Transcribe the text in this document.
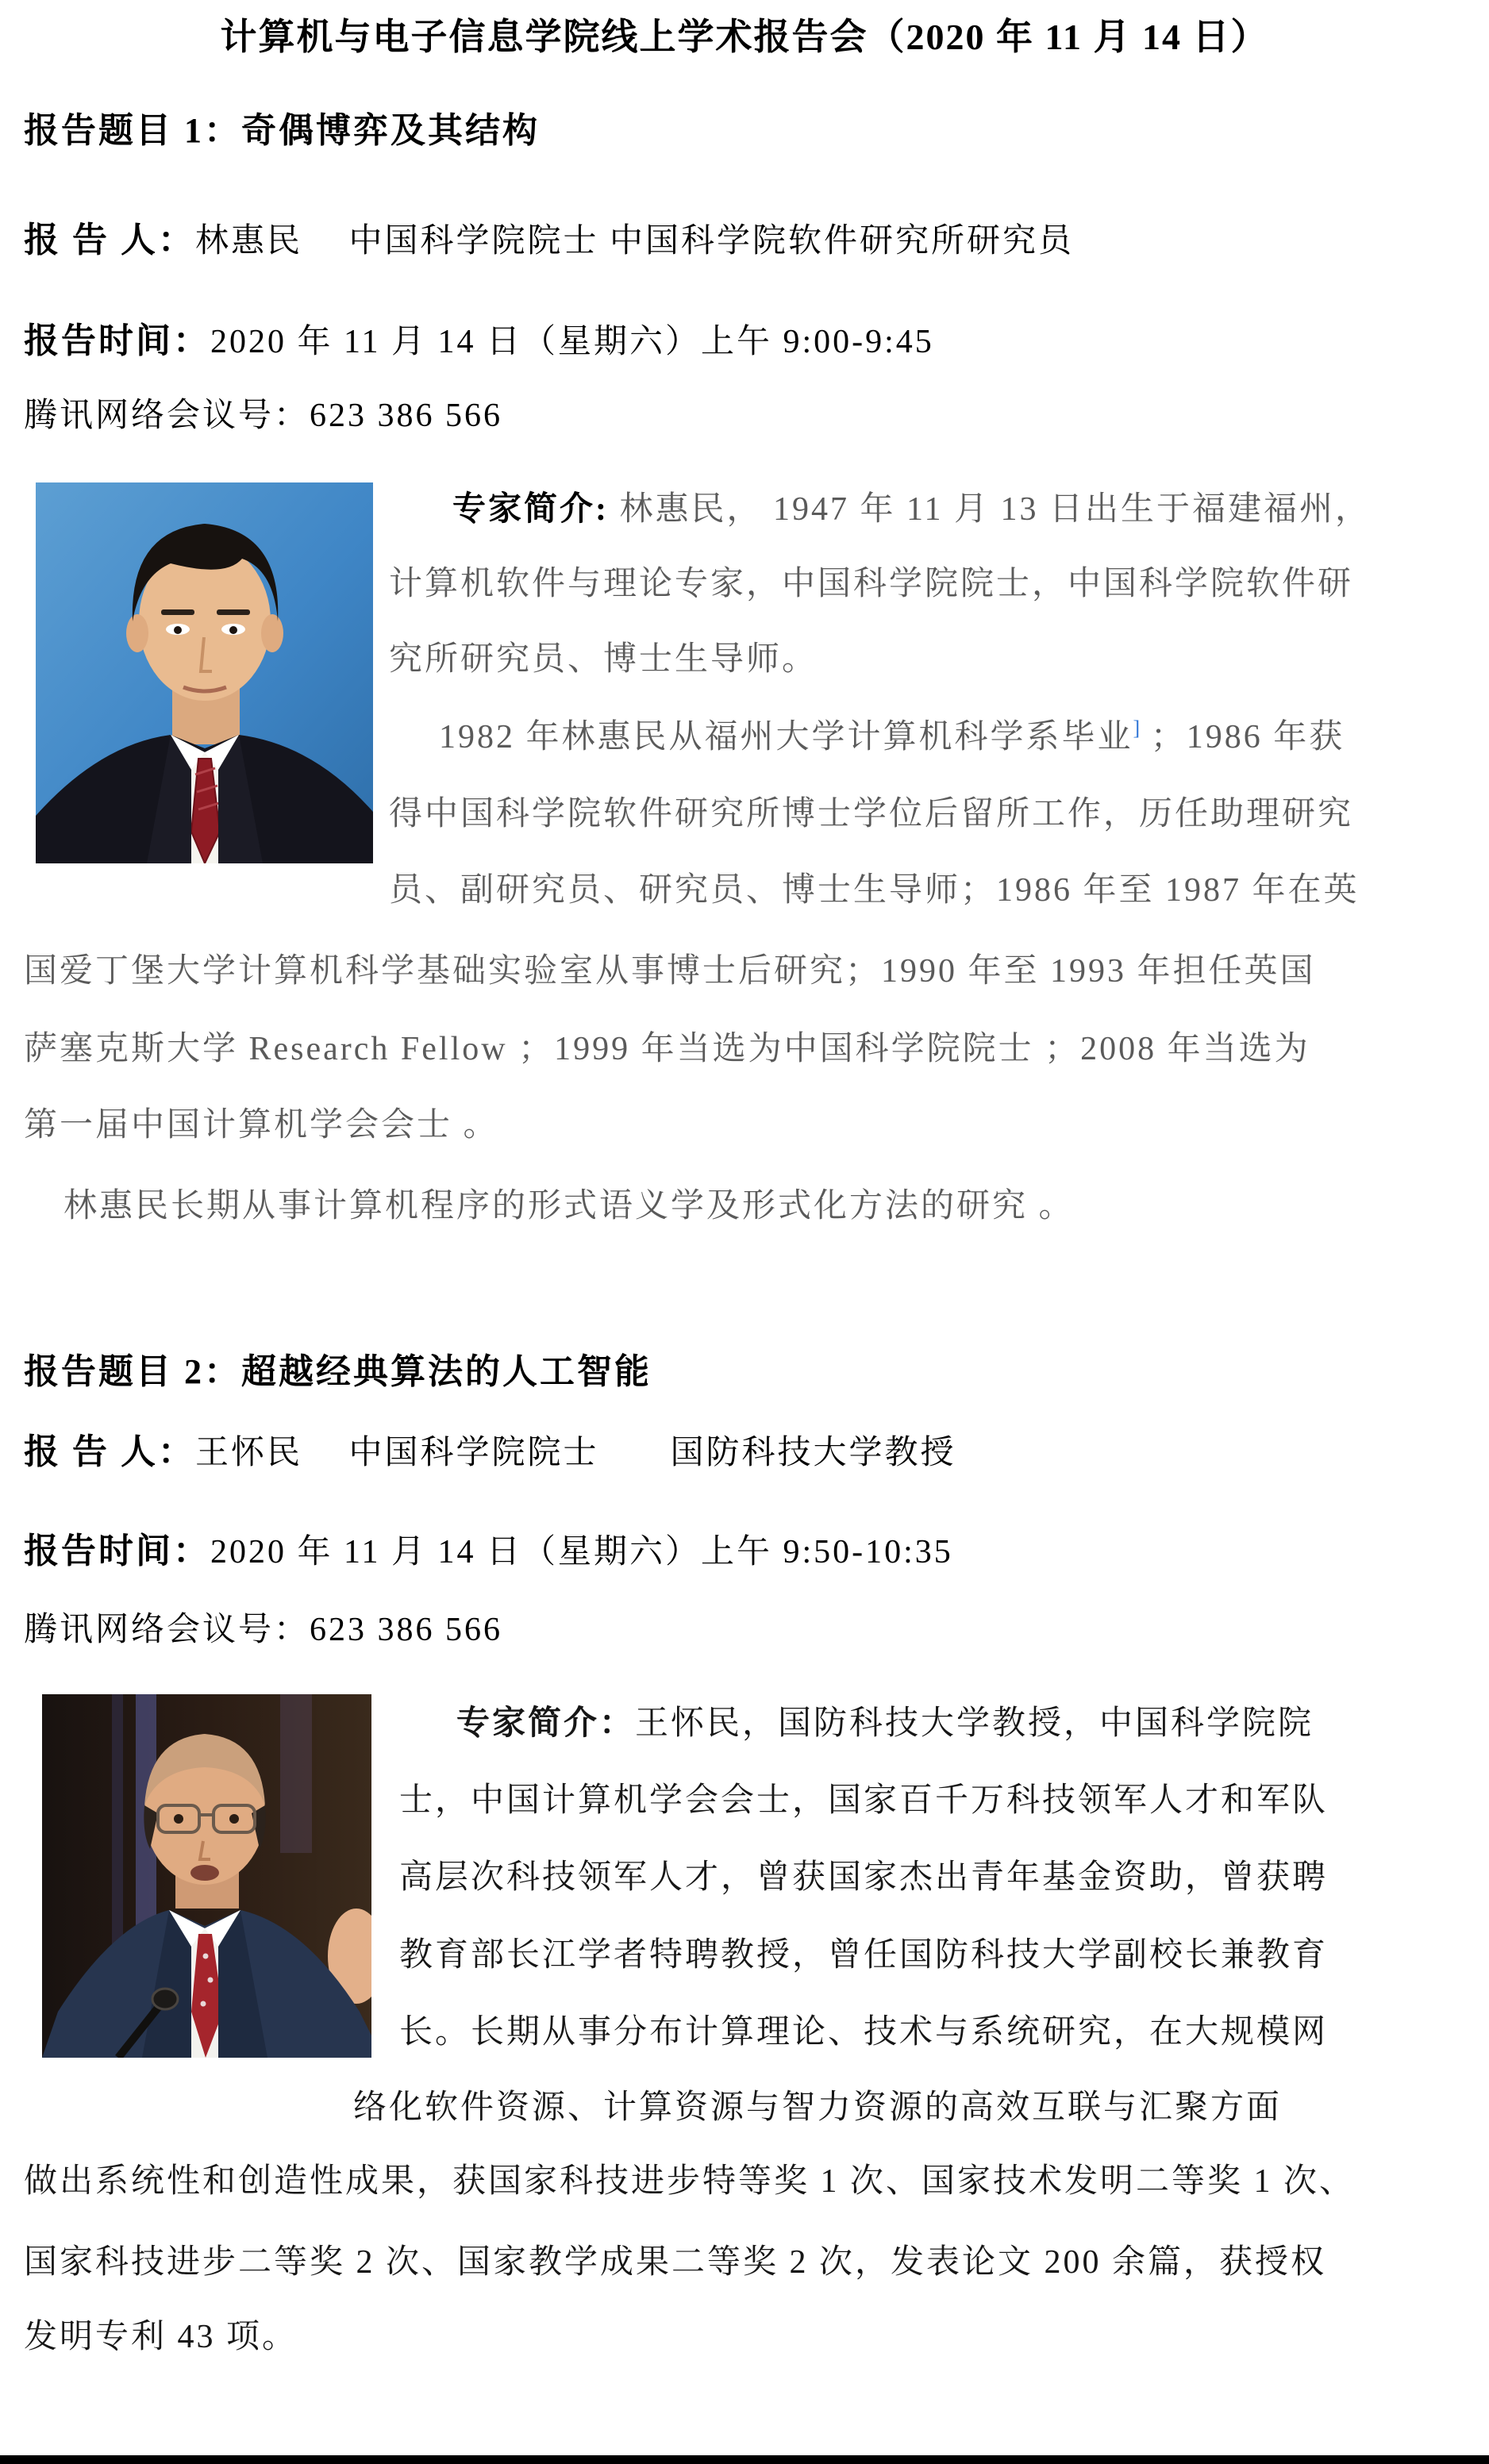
计算机与电子信息学院线上学术报告会（2020 年 11 月 14 日）
报告题目 1：奇偶博弈及其结构
报 告 人：林惠民　 中国科学院院士 中国科学院软件研究所研究员
报告时间：2020 年 11 月 14 日（星期六）上午 9:00-9:45
腾讯网络会议号：623 386 566
专家简介: 林惠民， 1947 年 11 月 13 日出生于福建福州，
计算机软件与理论专家，中国科学院院士，中国科学院软件研
究所研究员、博士生导师。
1982 年林惠民从福州大学计算机科学系毕业] ；1986 年获
得中国科学院软件研究所博士学位后留所工作，历任助理研究
员、副研究员、研究员、博士生导师；1986 年至 1987 年在英
国爱丁堡大学计算机科学基础实验室从事博士后研究；1990 年至 1993 年担任英国
萨塞克斯大学 Research Fellow ；1999 年当选为中国科学院院士 ；2008 年当选为
第一届中国计算机学会会士 。
林惠民长期从事计算机程序的形式语义学及形式化方法的研究 。
报告题目 2：超越经典算法的人工智能
报 告 人：王怀民　 中国科学院院士　　国防科技大学教授
报告时间：2020 年 11 月 14 日（星期六）上午 9:50-10:35
腾讯网络会议号：623 386 566
专家简介：王怀民，国防科技大学教授，中国科学院院
士，中国计算机学会会士，国家百千万科技领军人才和军队
高层次科技领军人才，曾获国家杰出青年基金资助，曾获聘
教育部长江学者特聘教授，曾任国防科技大学副校长兼教育
长。长期从事分布计算理论、技术与系统研究，在大规模网
络化软件资源、计算资源与智力资源的高效互联与汇聚方面
做出系统性和创造性成果，获国家科技进步特等奖 1 次、国家技术发明二等奖 1 次、
国家科技进步二等奖 2 次、国家教学成果二等奖 2 次，发表论文 200 余篇，获授权
发明专利 43 项。
